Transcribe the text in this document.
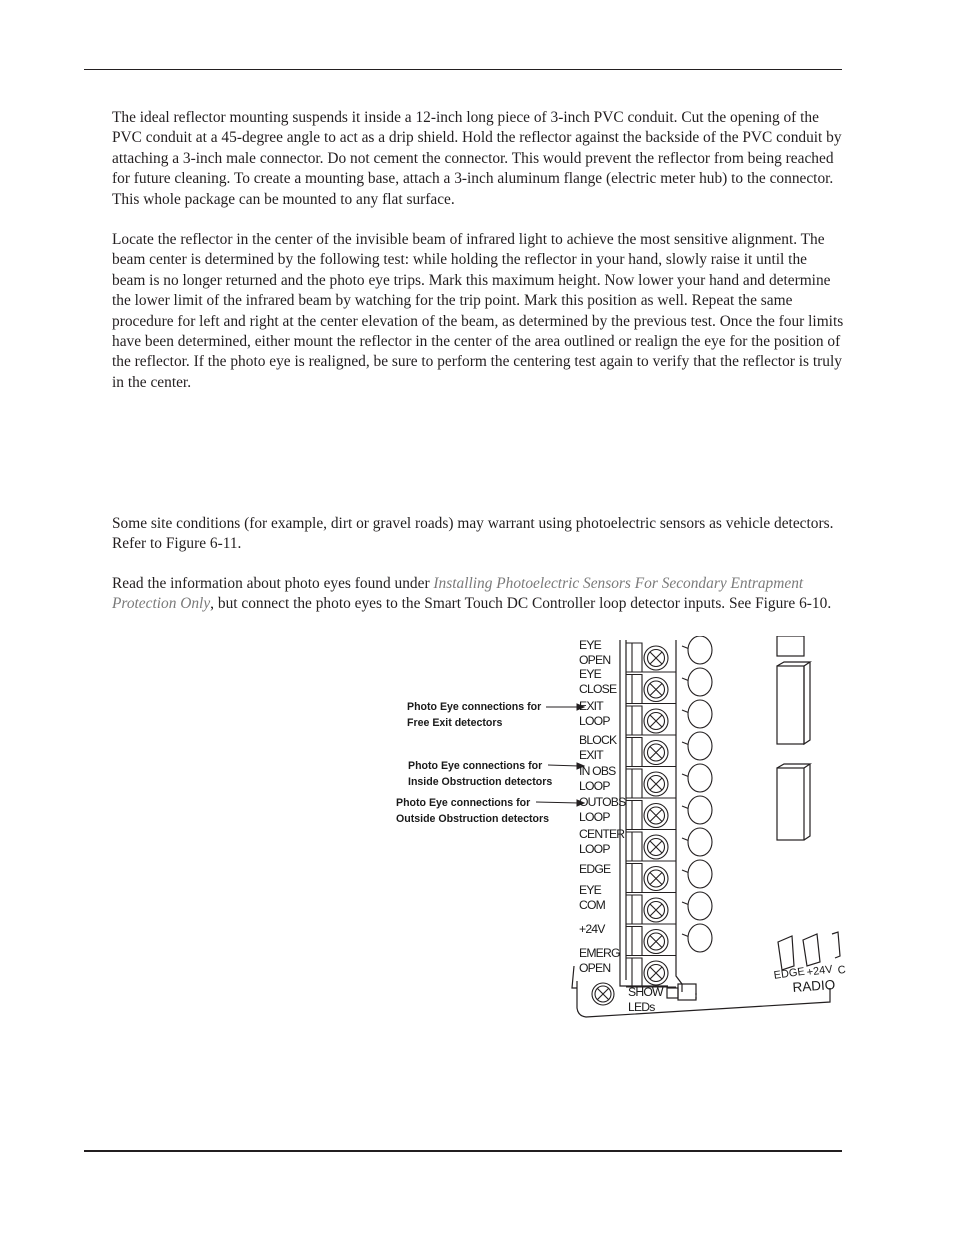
The ideal reflector mounting suspends it inside a 12-inch long piece of 3-inch PVC conduit. Cut the opening of the PVC conduit at a 45-degree angle to act as a drip shield. Hold the reflector against the backside of the PVC conduit by attaching a 3-inch male connector. Do not cement the connector. This would prevent the reflector from being reached for future cleaning. To create a mounting base, attach a 3-inch aluminum flange (electric meter hub) to the connector. This whole package can be mounted to any flat surface.

Locate the reflector in the center of the invisible beam of infrared light to achieve the most sensitive alignment. The beam center is determined by the following test: while holding the reflector in your hand, slowly raise it until the beam is no longer returned and the photo eye trips. Mark this maximum height. Now lower your hand and determine the lower limit of the infrared beam by watching for the trip point. Mark this position as well. Repeat the same procedure for left and right at the center elevation of the beam, as determined by the previous test. Once the four limits have been determined, either mount the reflector in the center of the area outlined or realign the eye for the position of the reflector. If the photo eye is realigned, be sure to perform the centering test again to verify that the reflector is truly in the center.

Some site conditions (for example, dirt or gravel roads) may warrant using photoelectric sensors as vehicle detectors. Refer to Figure 6-11.

Read the information about photo eyes found under Installing Photoelectric Sensors For Secondary Entrapment Protection Only, but connect the photo eyes to the Smart Touch DC Controller loop detector inputs. See Figure 6-10.

EYE
OPEN
EYE
CLOSE
EXIT
LOOP
BLOCK
EXIT
IN OBS
LOOP
OUTOBS
LOOP
CENTER
LOOP
EDGE
EYE
COM
+24V
EMERG
OPEN
SHOW
LEDs
Photo Eye connections for
Free Exit detectors
Photo Eye connections for
Inside Obstruction detectors
Photo Eye connections for
Outside Obstruction detectors
EDGE +24V C
RADIO
